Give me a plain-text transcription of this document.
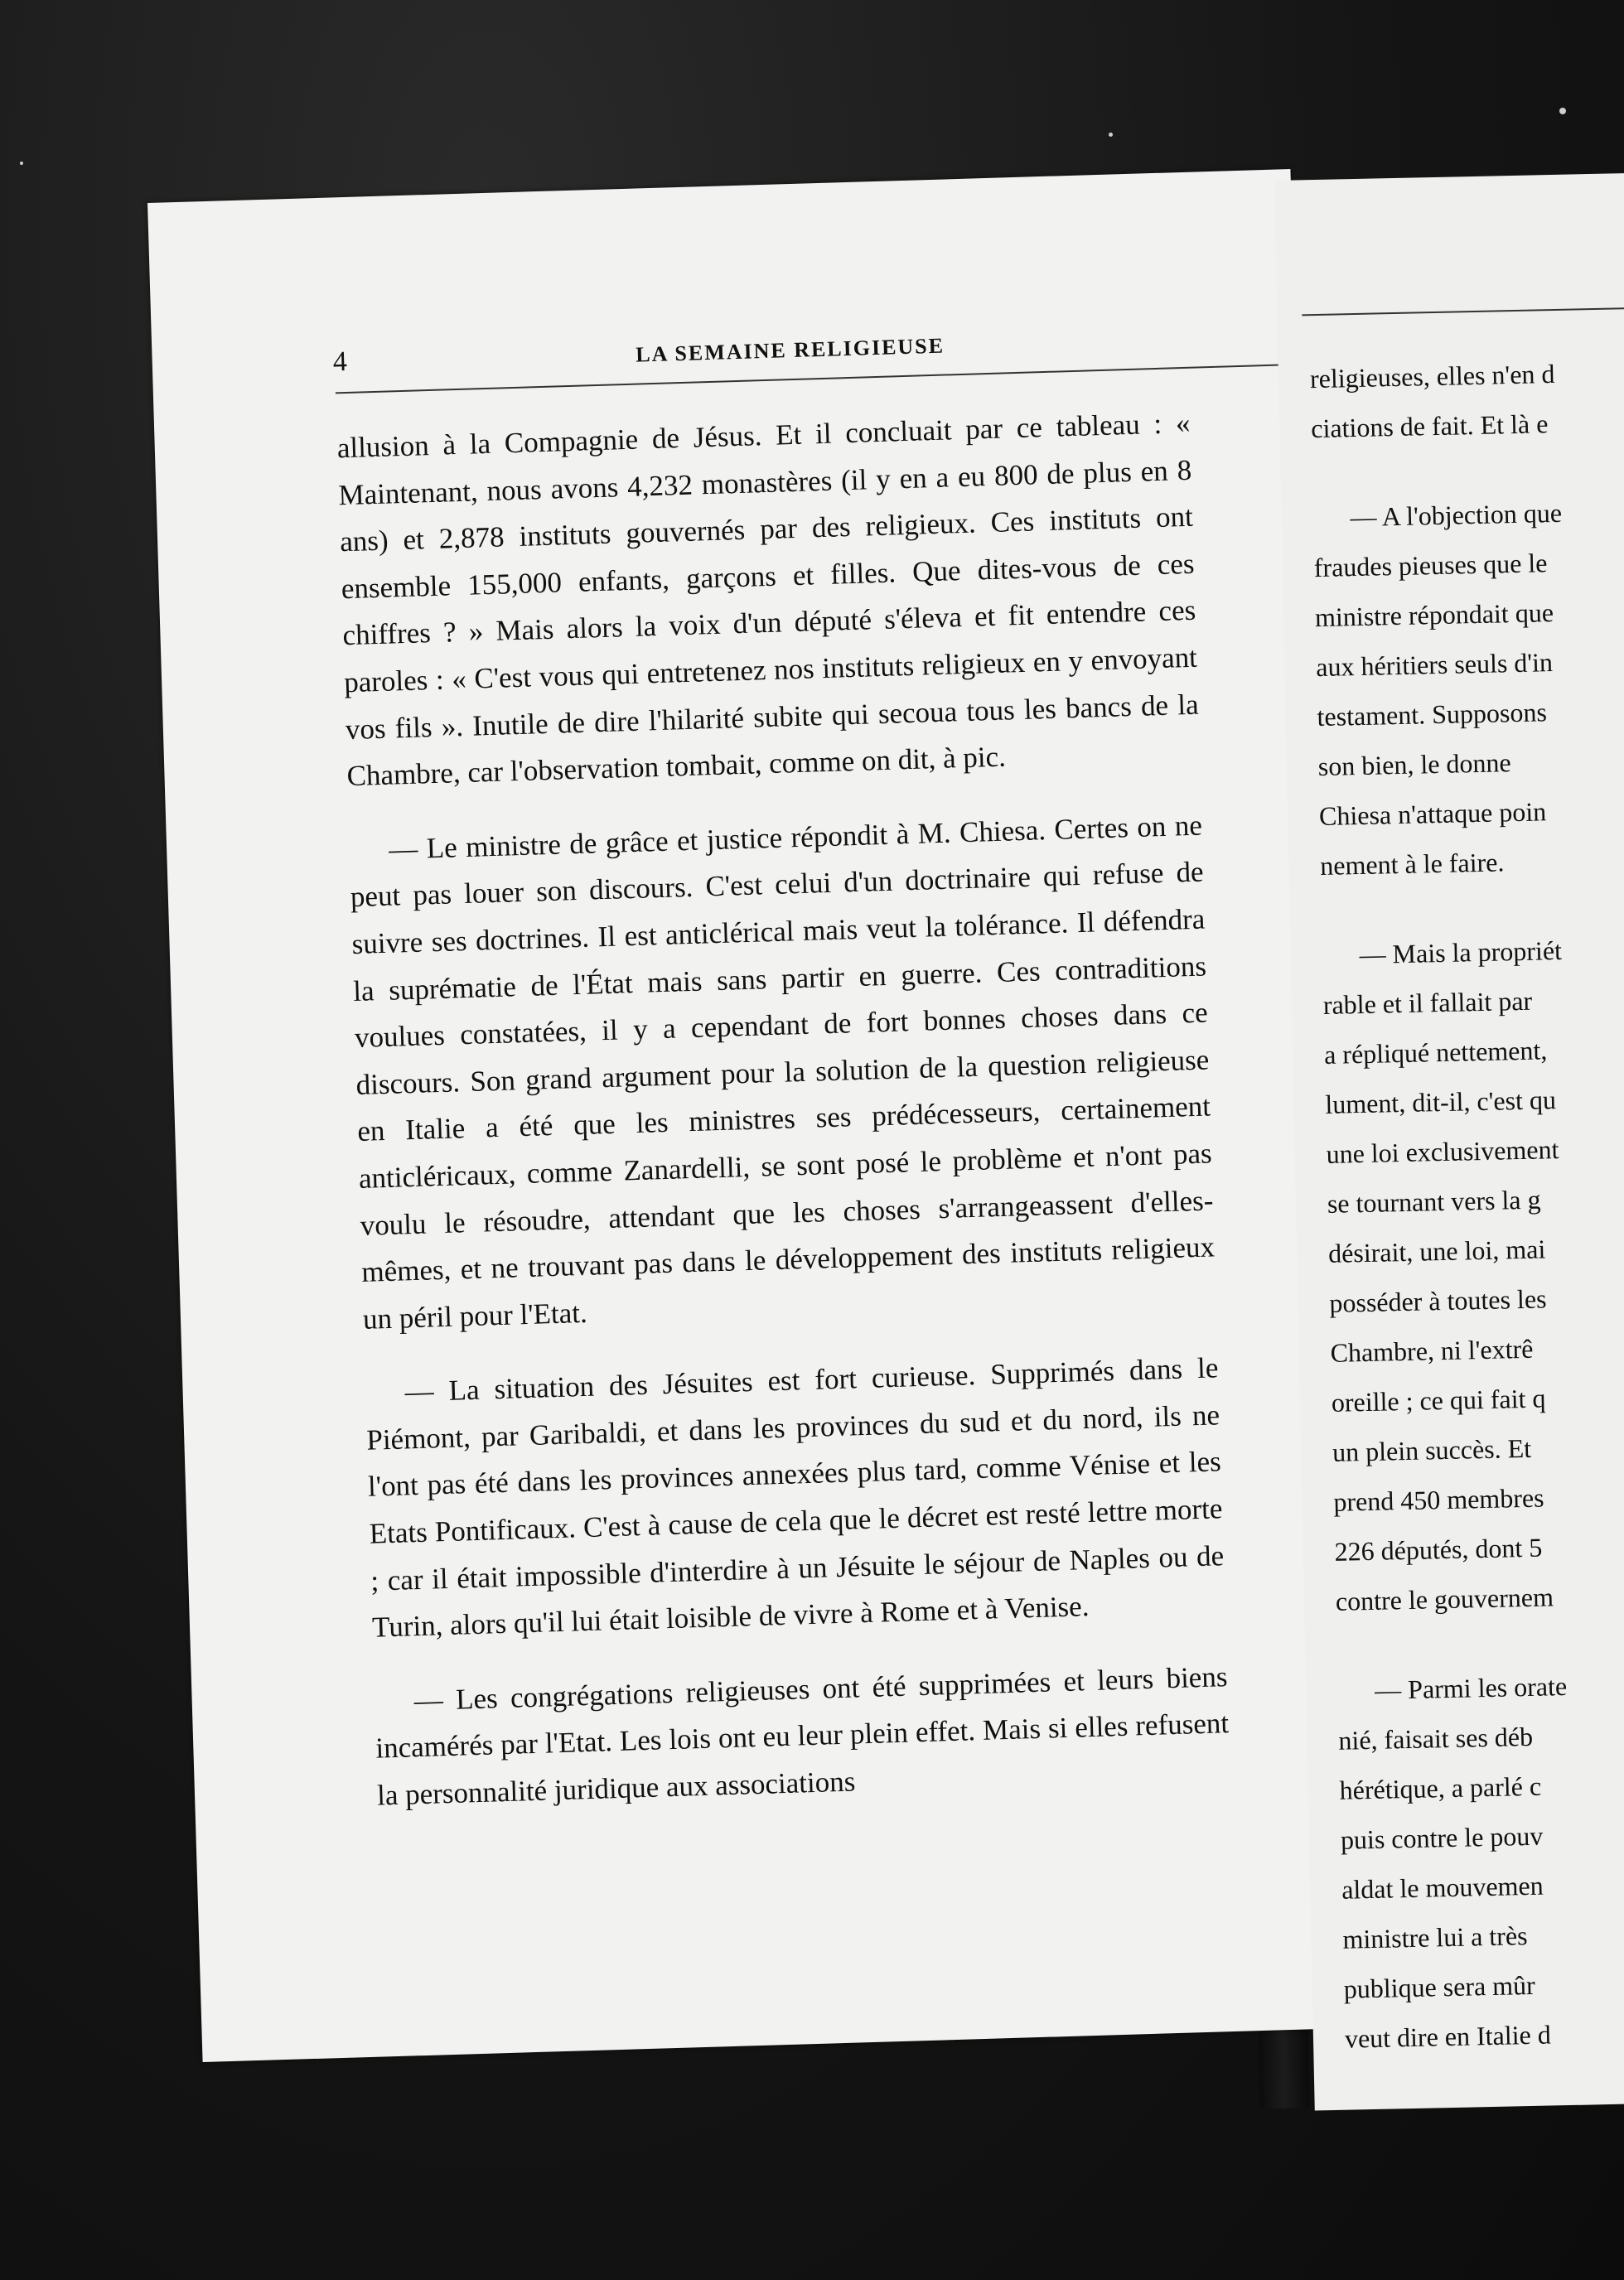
4	LA SEMAINE RELIGIEUSE

allusion à la Compagnie de Jésus. Et il concluait par ce tableau : « Maintenant, nous avons 4,232 monastères (il y en a eu 800 de plus en 8 ans) et 2,878 instituts gouvernés par des religieux. Ces instituts ont ensemble 155,000 enfants, garçons et filles. Que dites-vous de ces chiffres ? » Mais alors la voix d'un député s'éleva et fit entendre ces paroles : « C'est vous qui entretenez nos instituts religieux en y envoyant vos fils ». Inutile de dire l'hilarité subite qui secoua tous les bancs de la Chambre, car l'observation tombait, comme on dit, à pic.

— Le ministre de grâce et justice répondit à M. Chiesa. Certes on ne peut pas louer son discours. C'est celui d'un doctrinaire qui refuse de suivre ses doctrines. Il est anticlérical mais veut la tolérance. Il défendra la suprématie de l'État mais sans partir en guerre. Ces contraditions voulues constatées, il y a cependant de fort bonnes choses dans ce discours. Son grand argument pour la solution de la question religieuse en Italie a été que les ministres ses prédécesseurs, certainement anticléricaux, comme Zanardelli, se sont posé le problème et n'ont pas voulu le résoudre, attendant que les choses s'arrangeassent d'elles-mêmes, et ne trouvant pas dans le développement des instituts religieux un péril pour l'Etat.

— La situation des Jésuites est fort curieuse. Supprimés dans le Piémont, par Garibaldi, et dans les provinces du sud et du nord, ils ne l'ont pas été dans les provinces annexées plus tard, comme Vénise et les Etats Pontificaux. C'est à cause de cela que le décret est resté lettre morte ; car il était impossible d'interdire à un Jésuite le séjour de Naples ou de Turin, alors qu'il lui était loisible de vivre à Rome et à Venise.

— Les congrégations religieuses ont été supprimées et leurs biens incamérés par l'Etat. Les lois ont eu leur plein effet. Mais si elles refusent la personnalité juridique aux associations

religieuses, elles n'en d
ciations de fait. Et là e
— A l'objection que
fraudes pieuses que le
ministre répondait que
aux héritiers seuls d'in
testament. Supposons
son bien, le donne
Chiesa n'attaque poin
nement à le faire.
— Mais la propriét
rable et il fallait par
a répliqué nettement,
lument, dit-il, c'est qu
une loi exclusivement
se tournant vers la g
désirait, une loi, mai
posséder à toutes les
Chambre, ni l'extrê
oreille ; ce qui fait q
un plein succès. Et
prend 450 membres
226 députés, dont 5
contre le gouvernem
— Parmi les orate
nié, faisait ses déb
hérétique, a parlé c
puis contre le pouv
aldat le mouvemen
ministre lui a très
publique sera mûr
veut dire en Italie d
